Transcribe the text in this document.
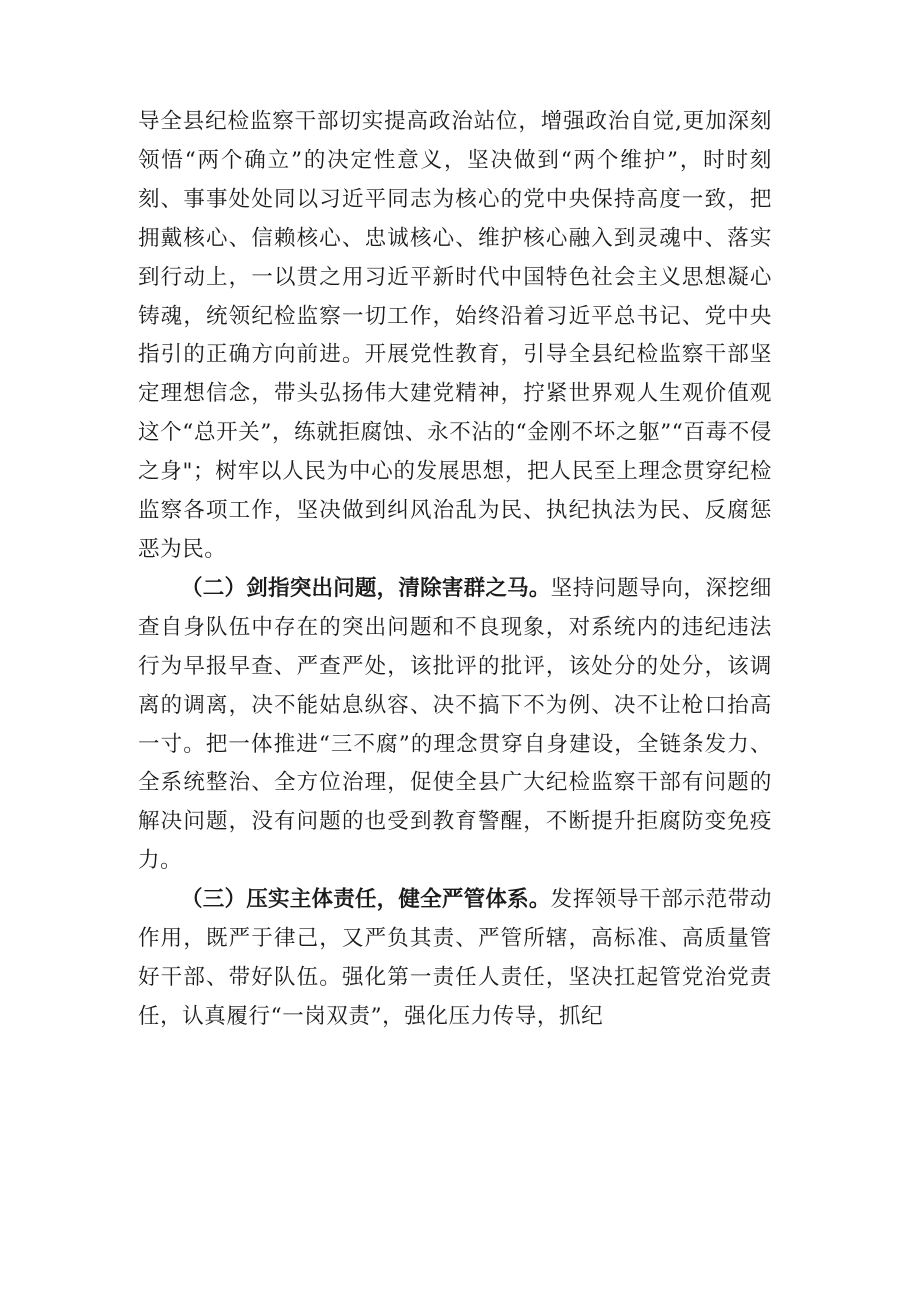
导全县纪检监察干部切实提高政治站位，增强政治自觉,更加深刻领悟“两个确立”的决定性意义，坚决做到“两个维护”，时时刻刻、事事处处同以习近平同志为核心的党中央保持高度一致，把拥戴核心、信赖核心、忠诚核心、维护核心融入到灵魂中、落实到行动上，一以贯之用习近平新时代中国特色社会主义思想凝心铸魂，统领纪检监察一切工作，始终沿着习近平总书记、党中央指引的正确方向前进。开展党性教育，引导全县纪检监察干部坚定理想信念，带头弘扬伟大建党精神，拧紧世界观人生观价值观这个“总开关”，练就拒腐蚀、永不沾的“金刚不坏之躯”“百毒不侵之身"；树牢以人民为中心的发展思想，把人民至上理念贯穿纪检监察各项工作，坚决做到纠风治乱为民、执纪执法为民、反腐惩恶为民。

（二）剑指突出问题，清除害群之马。坚持问题导向，深挖细查自身队伍中存在的突出问题和不良现象，对系统内的违纪违法行为早报早查、严查严处，该批评的批评，该处分的处分，该调离的调离，决不能姑息纵容、决不搞下不为例、决不让枪口抬高一寸。把一体推进“三不腐”的理念贯穿自身建设，全链条发力、全系统整治、全方位治理，促使全县广大纪检监察干部有问题的解决问题，没有问题的也受到教育警醒，不断提升拒腐防变免疫力。

（三）压实主体责任，健全严管体系。发挥领导干部示范带动作用，既严于律己，又严负其责、严管所辖，高标准、高质量管好干部、带好队伍。强化第一责任人责任，坚决扛起管党治党责任，认真履行“一岗双责”，强化压力传导，抓纪
